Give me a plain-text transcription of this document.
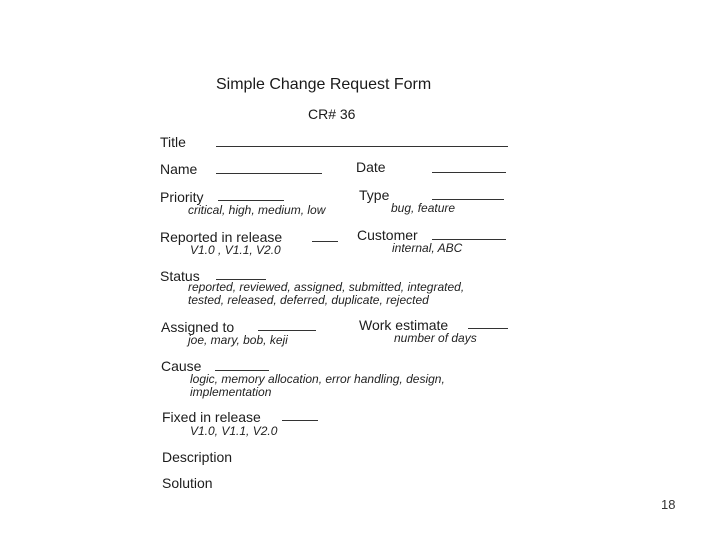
Simple Change Request Form
CR# 36
Title
Name	Date
Priority
critical, high, medium, low
Type
bug, feature
Reported in release
V1.0 , V1.1, V2.0
Customer
internal, ABC
Status
reported, reviewed, assigned, submitted, integrated,
tested, released, deferred, duplicate, rejected
Assigned to
joe, mary, bob, keji
Work estimate
number of days
Cause
logic, memory allocation, error handling, design,
implementation
Fixed in release
V1.0, V1.1, V2.0
Description
Solution
18
